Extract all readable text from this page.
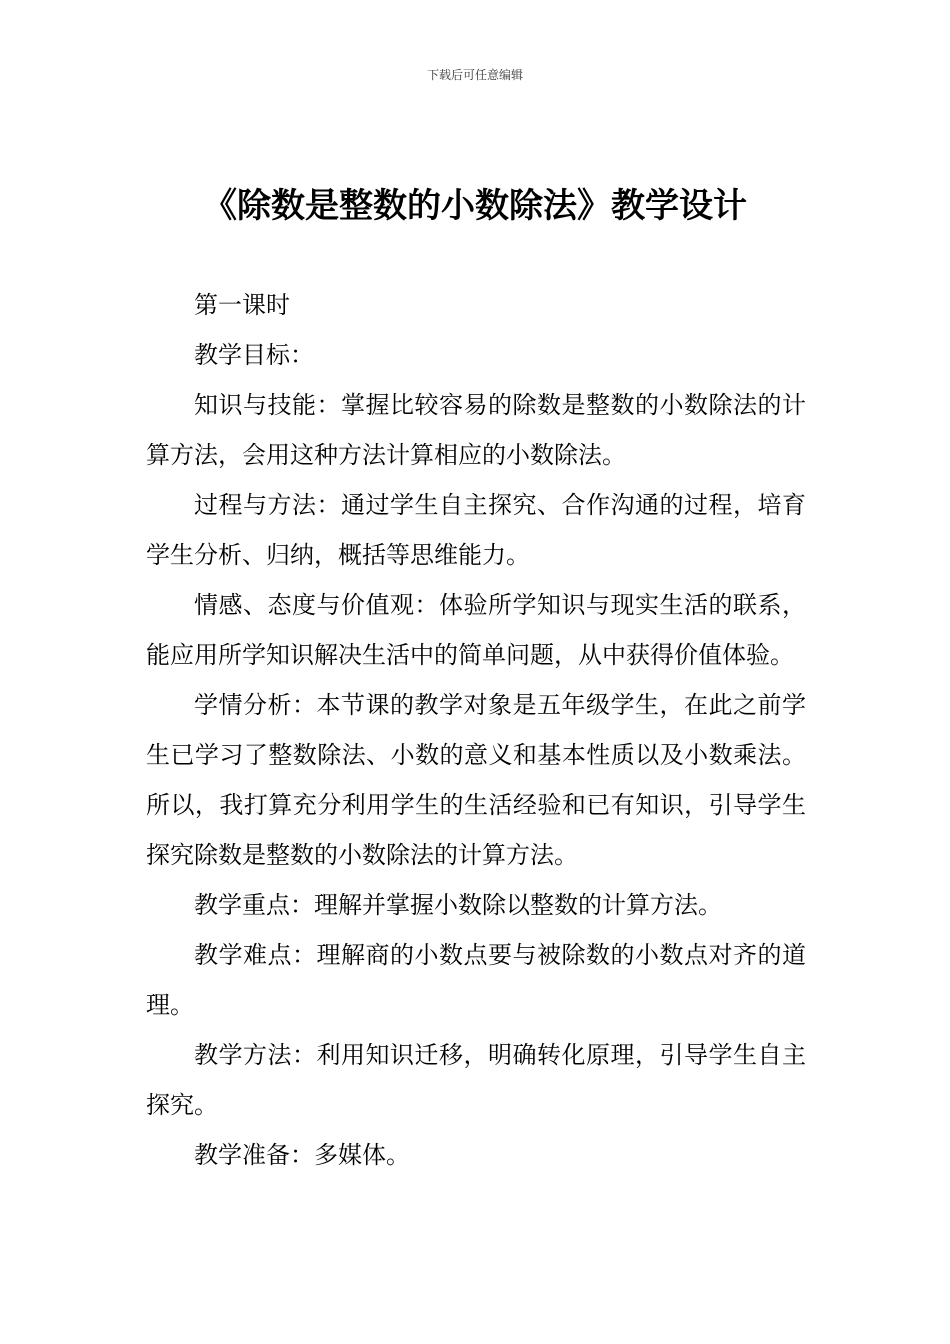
下载后可任意编辑
《除数是整数的小数除法》教学设计

第一课时

教学目标：

知识与技能：掌握比较容易的除数是整数的小数除法的计算方法，会用这种方法计算相应的小数除法。

过程与方法：通过学生自主探究、合作沟通的过程，培育学生分析、归纳，概括等思维能力。

情感、态度与价值观：体验所学知识与现实生活的联系，能应用所学知识解决生活中的简单问题，从中获得价值体验。

学情分析：本节课的教学对象是五年级学生，在此之前学生已学习了整数除法、小数的意义和基本性质以及小数乘法。所以，我打算充分利用学生的生活经验和已有知识，引导学生探究除数是整数的小数除法的计算方法。

教学重点：理解并掌握小数除以整数的计算方法。

教学难点：理解商的小数点要与被除数的小数点对齐的道理。

教学方法：利用知识迁移，明确转化原理，引导学生自主探究。

教学准备：多媒体。
